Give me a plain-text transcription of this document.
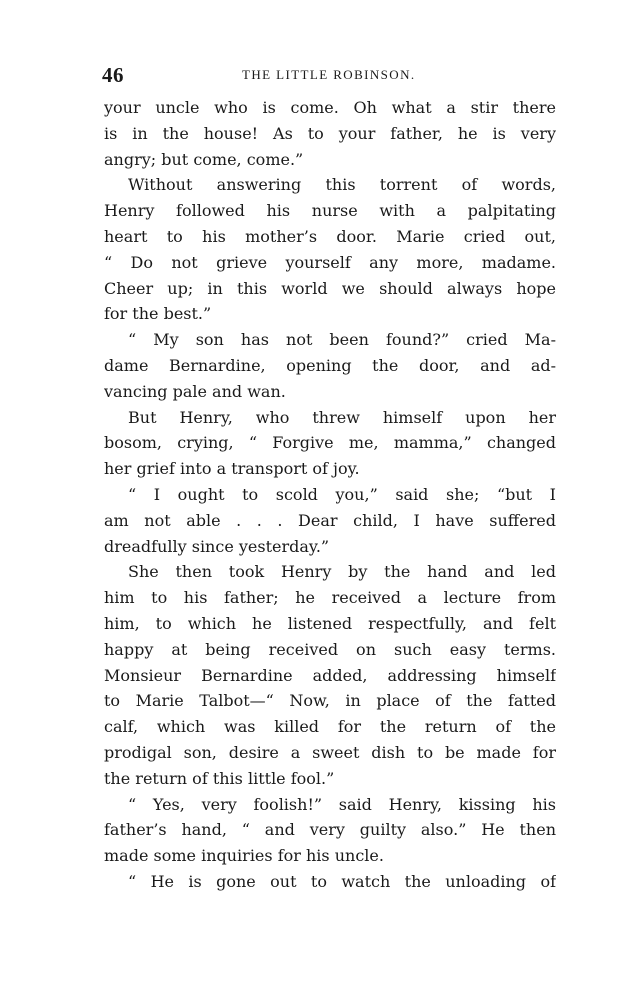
46	THE LITTLE ROBINSON.
your uncle who is come. Oh what a stir there
is in the house! As to your father, he is very
angry; but come, come.”
Without answering this torrent of words,
Henry followed his nurse with a palpitating
heart to his mother’s door. Marie cried out,
“ Do not grieve yourself any more, madame.
Cheer up; in this world we should always hope
for the best.”
“ My son has not been found?” cried Ma-
dame Bernardine, opening the door, and ad-
vancing pale and wan.
But Henry, who threw himself upon her
bosom, crying, “ Forgive me, mamma,” changed
her grief into a transport of joy.
“ I ought to scold you,” said she; “but I
am not able . . . Dear child, I have suffered
dreadfully since yesterday.”
She then took Henry by the hand and led
him to his father; he received a lecture from
him, to which he listened respectfully, and felt
happy at being received on such easy terms.
Monsieur Bernardine added, addressing himself
to Marie Talbot—“ Now, in place of the fatted
calf, which was killed for the return of the
prodigal son, desire a sweet dish to be made for
the return of this little fool.”
“ Yes, very foolish!” said Henry, kissing his
father’s hand, “ and very guilty also.” He then
made some inquiries for his uncle.
“ He is gone out to watch the unloading of
